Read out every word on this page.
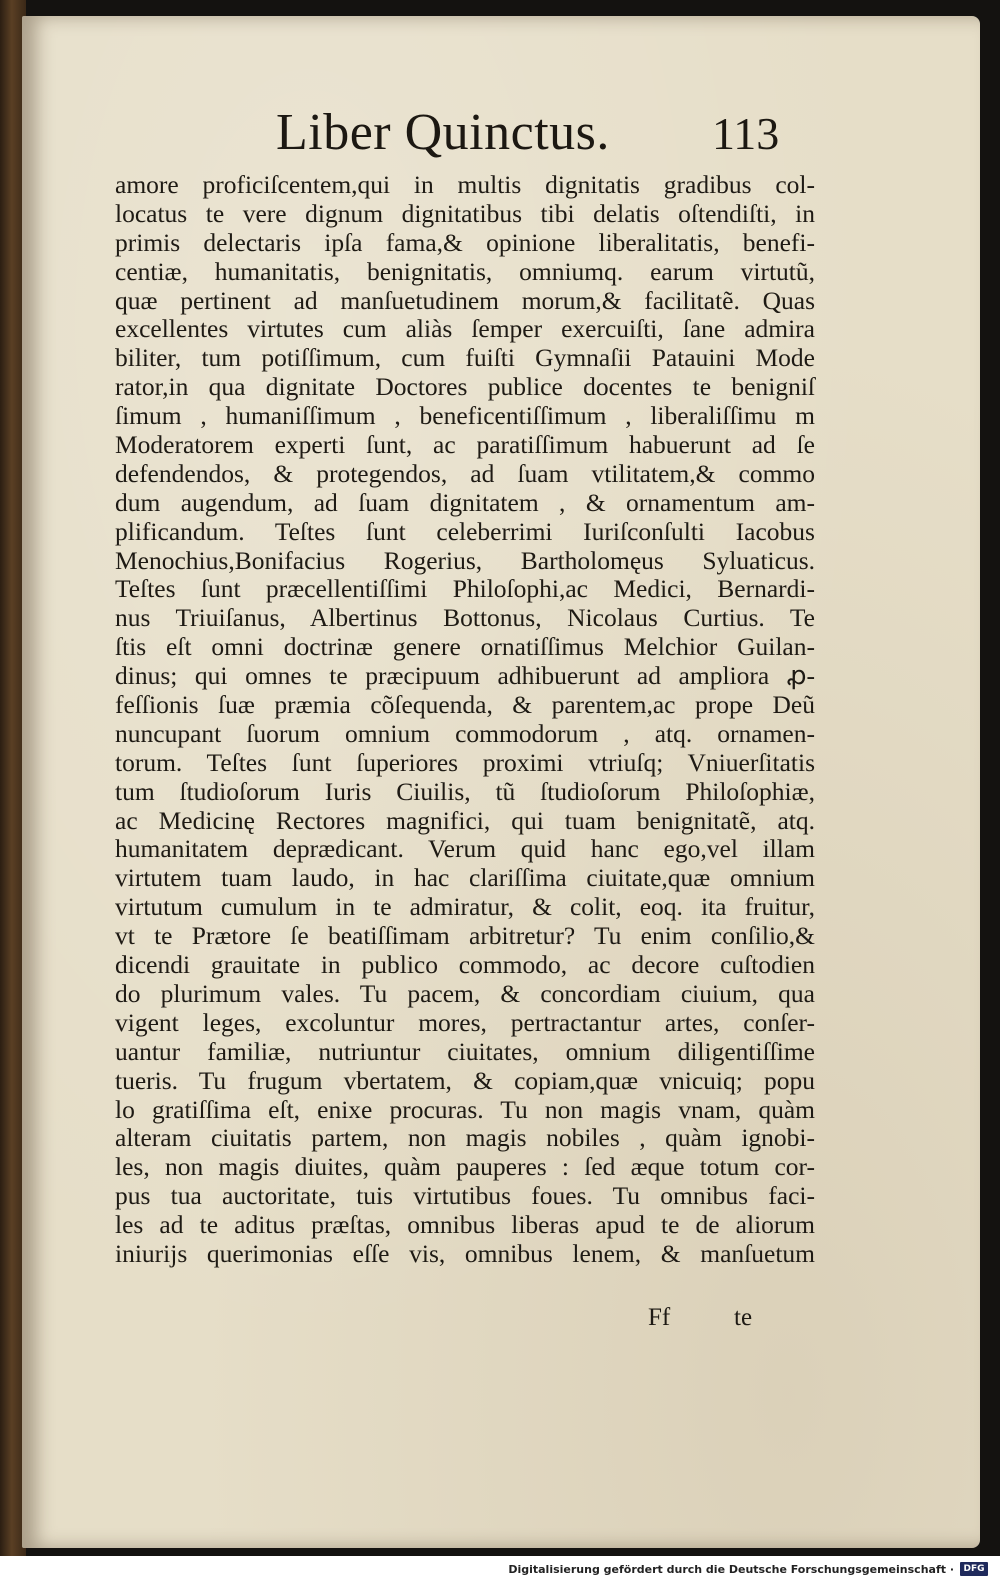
Liber Quinctus. 113
amore proficiſcentem,qui in multis dignitatis gradibus col-
locatus te vere dignum dignitatibus tibi delatis oſtendiſti, in
primis delectaris ipſa fama,& opinione liberalitatis, benefi-
centiæ, humanitatis, benignitatis, omniumq. earum virtutũ,
quæ pertinent ad manſuetudinem morum,& facilitatẽ. Quas
excellentes virtutes cum aliàs ſemper exercuiſti, ſane admira
biliter, tum potiſſimum, cum fuiſti Gymnaſii Patauini Mode
rator,in qua dignitate Doctores publice docentes te benigniſ
ſimum , humaniſſimum , beneficentiſſimum , liberaliſſimu m
Moderatorem experti ſunt, ac paratiſſimum habuerunt ad ſe
defendendos, & protegendos, ad ſuam vtilitatem,& commo
dum augendum, ad ſuam dignitatem , & ornamentum am-
plificandum. Teſtes ſunt celeberrimi Iuriſconſulti Iacobus
Menochius,Bonifacius Rogerius, Bartholomęus Syluaticus.
Teſtes ſunt præcellentiſſimi Philoſophi,ac Medici, Bernardi-
nus Triuiſanus, Albertinus Bottonus, Nicolaus Curtius. Te
ſtis eſt omni doctrinæ genere ornatiſſimus Melchior Guilan-
dinus; qui omnes te præcipuum adhibuerunt ad ampliora ꝓ-
feſſionis ſuæ præmia cõſequenda, & parentem,ac prope Deũ
nuncupant ſuorum omnium commodorum , atq. ornamen-
torum. Teſtes ſunt ſuperiores proximi vtriuſq; Vniuerſitatis
tum ſtudioſorum Iuris Ciuilis, tũ ſtudioſorum Philoſophiæ,
ac Medicinę Rectores magnifici, qui tuam benignitatẽ, atq.
humanitatem deprædicant. Verum quid hanc ego,vel illam
virtutem tuam laudo, in hac clariſſima ciuitate,quæ omnium
virtutum cumulum in te admiratur, & colit, eoq. ita fruitur,
vt te Prætore ſe beatiſſimam arbitretur? Tu enim conſilio,&
dicendi grauitate in publico commodo, ac decore cuſtodien
do plurimum vales. Tu pacem, & concordiam ciuium, qua
vigent leges, excoluntur mores, pertractantur artes, conſer-
uantur familiæ, nutriuntur ciuitates, omnium diligentiſſime
tueris. Tu frugum vbertatem, & copiam,quæ vnicuiq; popu
lo gratiſſima eſt, enixe procuras. Tu non magis vnam, quàm
alteram ciuitatis partem, non magis nobiles , quàm ignobi-
les, non magis diuites, quàm pauperes : ſed æque totum cor-
pus tua auctoritate, tuis virtutibus foues. Tu omnibus faci-
les ad te aditus præſtas, omnibus liberas apud te de aliorum
iniurijs querimonias eſſe vis, omnibus lenem, & manſuetum
Ff	te
Digitalisierung gefördert durch die Deutsche Forschungsgemeinschaft ·	DFG
